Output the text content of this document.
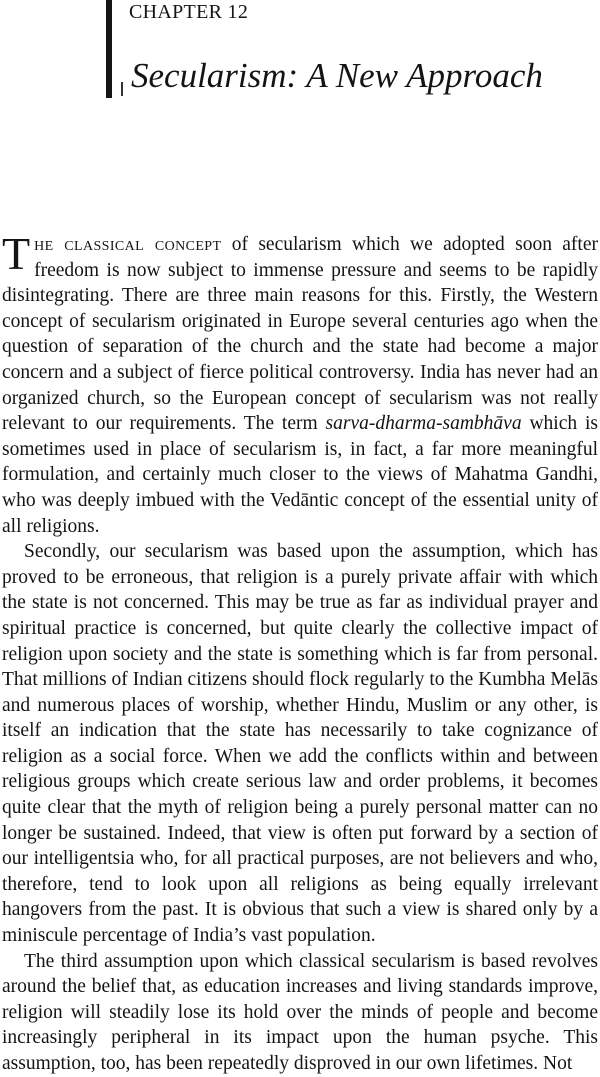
CHAPTER 12
Secularism: A New Approach

The classical concept of secularism which we adopted soon after freedom is now subject to immense pressure and seems to be rapidly disintegrating. There are three main reasons for this. Firstly, the Western concept of secularism originated in Europe several centuries ago when the question of separation of the church and the state had become a major concern and a subject of fierce political controversy. India has never had an organized church, so the European concept of secularism was not really relevant to our requirements. The term sarva-dharma-sambhāva which is sometimes used in place of secularism is, in fact, a far more meaningful formulation, and certainly much closer to the views of Mahatma Gandhi, who was deeply imbued with the Vedāntic concept of the essential unity of all religions.

Secondly, our secularism was based upon the assumption, which has proved to be erroneous, that religion is a purely private affair with which the state is not concerned. This may be true as far as individual prayer and spiritual practice is concerned, but quite clearly the collective impact of religion upon society and the state is something which is far from personal. That millions of Indian citizens should flock regularly to the Kumbha Melās and numerous places of worship, whether Hindu, Muslim or any other, is itself an indication that the state has necessarily to take cognizance of religion as a social force. When we add the conflicts within and between religious groups which create serious law and order problems, it becomes quite clear that the myth of religion being a purely personal matter can no longer be sustained. Indeed, that view is often put forward by a section of our intelligentsia who, for all practical purposes, are not believers and who, therefore, tend to look upon all religions as being equally irrelevant hangovers from the past. It is obvious that such a view is shared only by a miniscule percentage of India’s vast population.

The third assumption upon which classical secularism is based revolves around the belief that, as education increases and living standards improve, religion will steadily lose its hold over the minds of people and become increasingly peripheral in its impact upon the human psyche. This assumption, too, has been repeatedly disproved in our own lifetimes. Not
